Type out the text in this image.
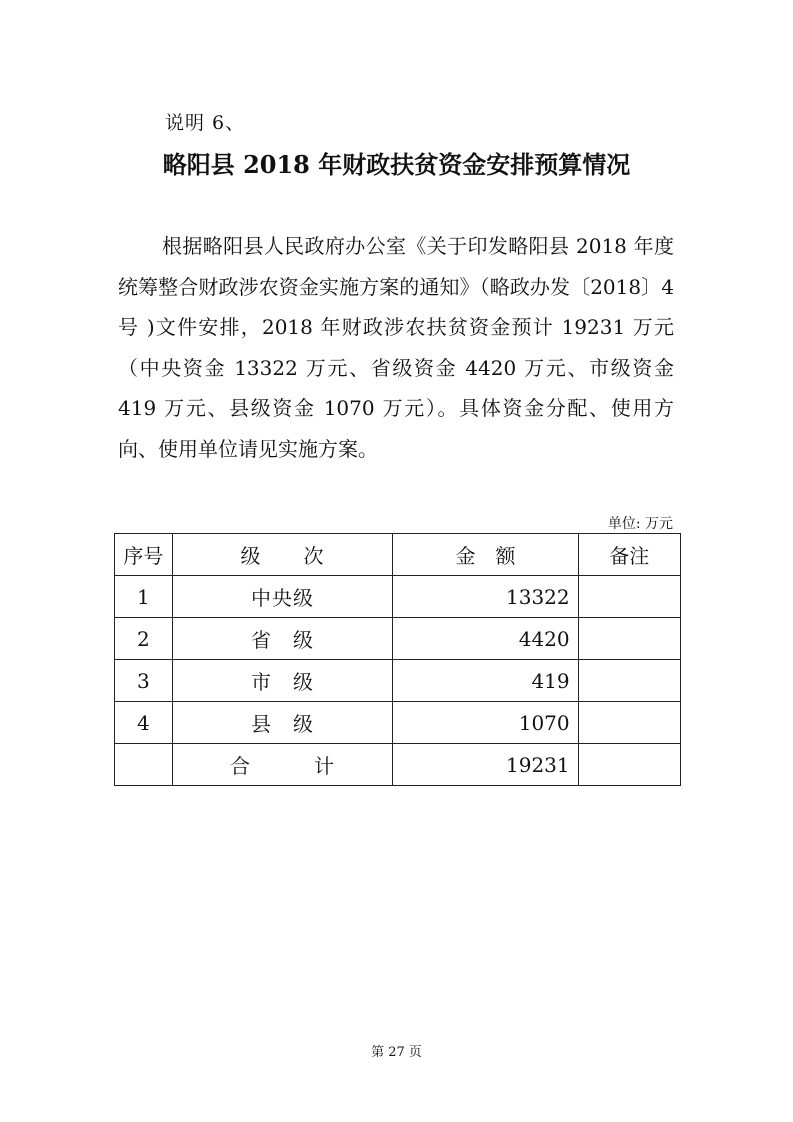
说明 6、
略阳县 2018 年财政扶贫资金安排预算情况

根据略阳县人民政府办公室《关于印发略阳县 2018 年度统筹整合财政涉农资金实施方案的通知》（略政办发〔2018〕4 号 )文件安排，2018 年财政涉农扶贫资金预计 19231 万元（中央资金 13322 万元、省级资金 4420 万元、市级资金 419 万元、县级资金 1070 万元）。具体资金分配、使用方向、使用单位请见实施方案。

单位: 万元
序号	级　　次	金　额	备注
1	中央级	13322	
2	省　级	4420	
3	市　级	419	
4	县　级	1070	
	合　　　计	19231	
第 27 页
